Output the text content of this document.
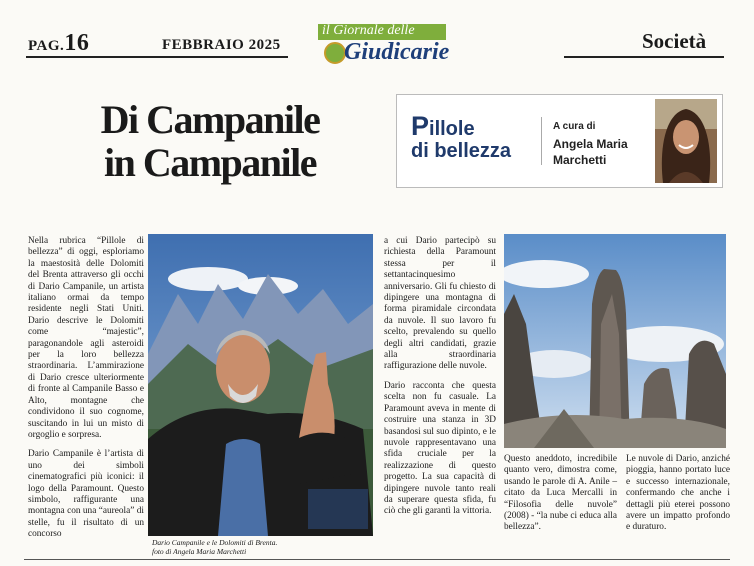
PAG.16	FEBBRAIO 2025	Società
il Giornale delle
Giudicarie
Di Campanile
in Campanile
Pillole
di bellezza
A cura di
Angela Maria Marchetti

Nella rubrica “Pillole di bellezza” di oggi, esploriamo la maestosità delle Dolomiti del Brenta attraverso gli occhi di Dario Campanile, un artista italiano ormai da tempo residente negli Stati Uniti. Dario descrive le Dolomiti come “majestic”, paragonandole agli asteroidi per la loro bellezza straordinaria. L’ammirazione di Dario cresce ulteriormente di fronte al Campanile Basso e Alto, montagne che condividono il suo cognome, suscitando in lui un misto di orgoglio e sorpresa.

Dario Campanile è l’artista di uno dei simboli cinematografici più iconici: il logo della Paramount. Questo simbolo, raffigurante una montagna con una “aureola” di stelle, fu il risultato di un concorso

Dario Campanile e le Dolomiti di Brenta.
foto di Angela Maria Marchetti

a cui Dario partecipò su richiesta della Paramount stessa per il settantacinquesimo anniversario. Gli fu chiesto di dipingere una montagna di forma piramidale circondata da nuvole. Il suo lavoro fu scelto, prevalendo su quello degli altri candidati, grazie alla straordinaria raffigurazione delle nuvole.

Dario racconta che questa scelta non fu casuale. La Paramount aveva in mente di costruire una stanza in 3D basandosi sul suo dipinto, e le nuvole rappresentavano una sfida cruciale per la realizzazione di questo progetto. La sua capacità di dipingere nuvole tanto reali da superare questa sfida, fu ciò che gli garantì la vittoria.

Questo aneddoto, incredibile quanto vero, dimostra come, usando le parole di A. Anile – citato da Luca Mercalli in “Filosofia delle nuvole” (2008) - “la nube ci educa alla bellezza”.

Le nuvole di Dario, anziché pioggia, hanno portato luce e successo internazionale, confermando che anche i dettagli più eterei possono avere un impatto profondo e duraturo.
